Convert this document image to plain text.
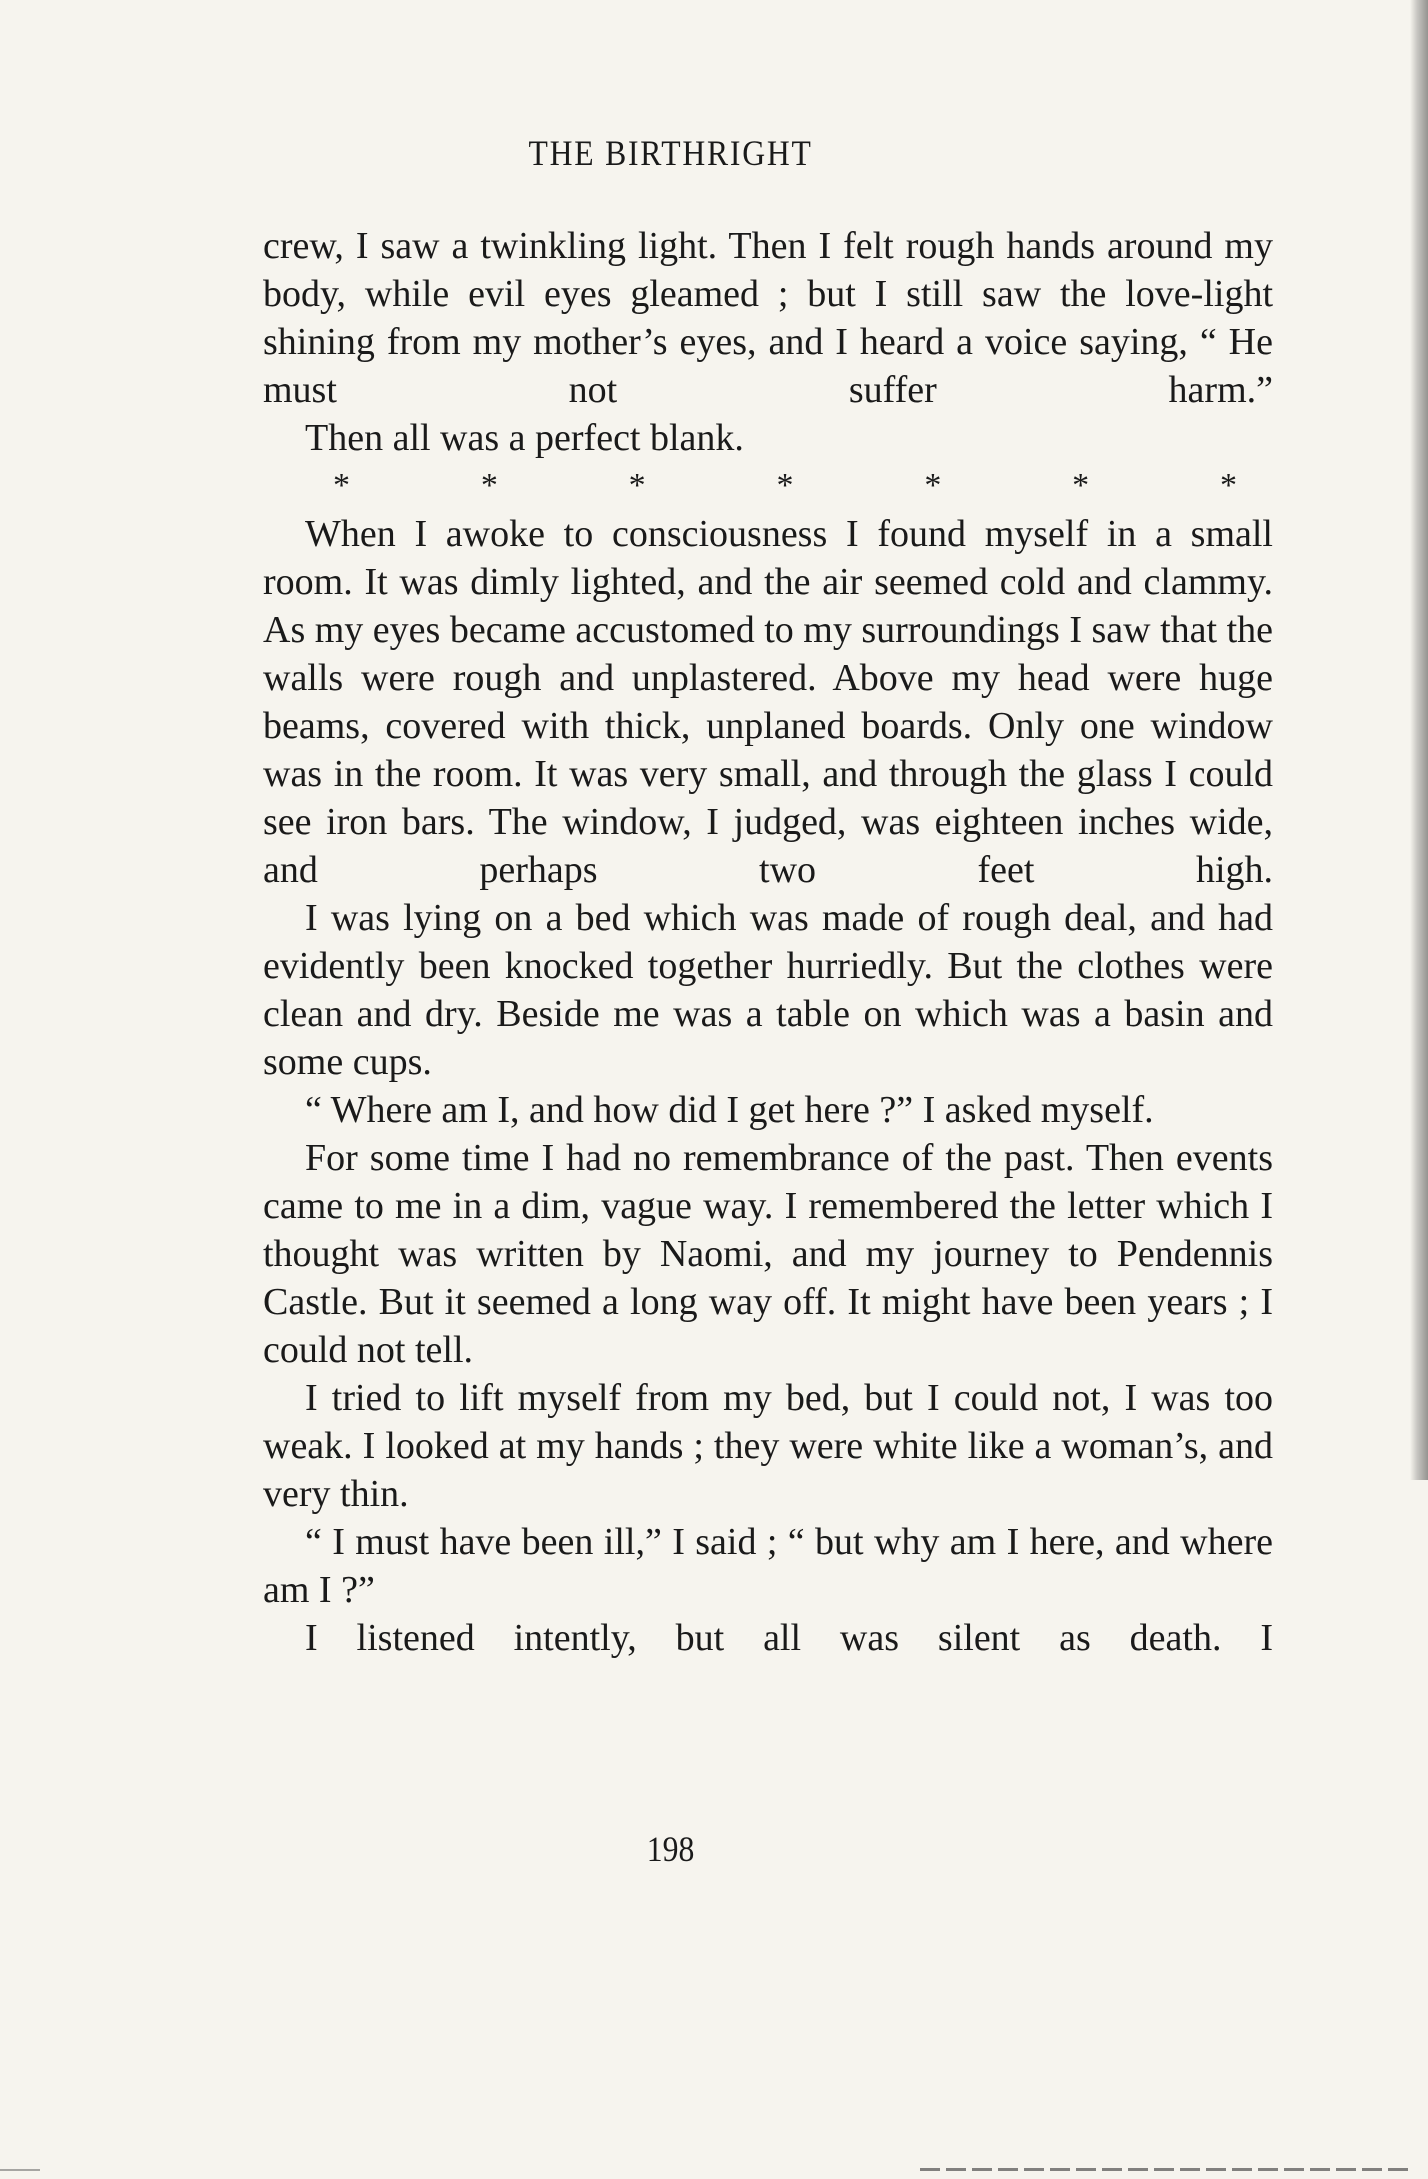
THE BIRTHRIGHT

crew, I saw a twinkling light. Then I felt rough hands around my body, while evil eyes gleamed ; but I still saw the love-light shining from my mother’s eyes, and I heard a voice saying, “ He must not suffer harm.”

Then all was a perfect blank.

*	*	*	*	*	*	*

When I awoke to consciousness I found myself in a small room. It was dimly lighted, and the air seemed cold and clammy. As my eyes became accustomed to my surroundings I saw that the walls were rough and unplastered. Above my head were huge beams, covered with thick, unplaned boards. Only one window was in the room. It was very small, and through the glass I could see iron bars. The window, I judged, was eighteen inches wide, and perhaps two feet high.

I was lying on a bed which was made of rough deal, and had evidently been knocked together hurriedly. But the clothes were clean and dry. Beside me was a table on which was a basin and some cups.

“ Where am I, and how did I get here ?” I asked myself.

For some time I had no remembrance of the past. Then events came to me in a dim, vague way. I remembered the letter which I thought was written by Naomi, and my journey to Pendennis Castle. But it seemed a long way off. It might have been years ; I could not tell.

I tried to lift myself from my bed, but I could not, I was too weak. I looked at my hands ; they were white like a woman’s, and very thin.

“ I must have been ill,” I said ; “ but why am I here, and where am I ?”

I listened intently, but all was silent as death. I

198
